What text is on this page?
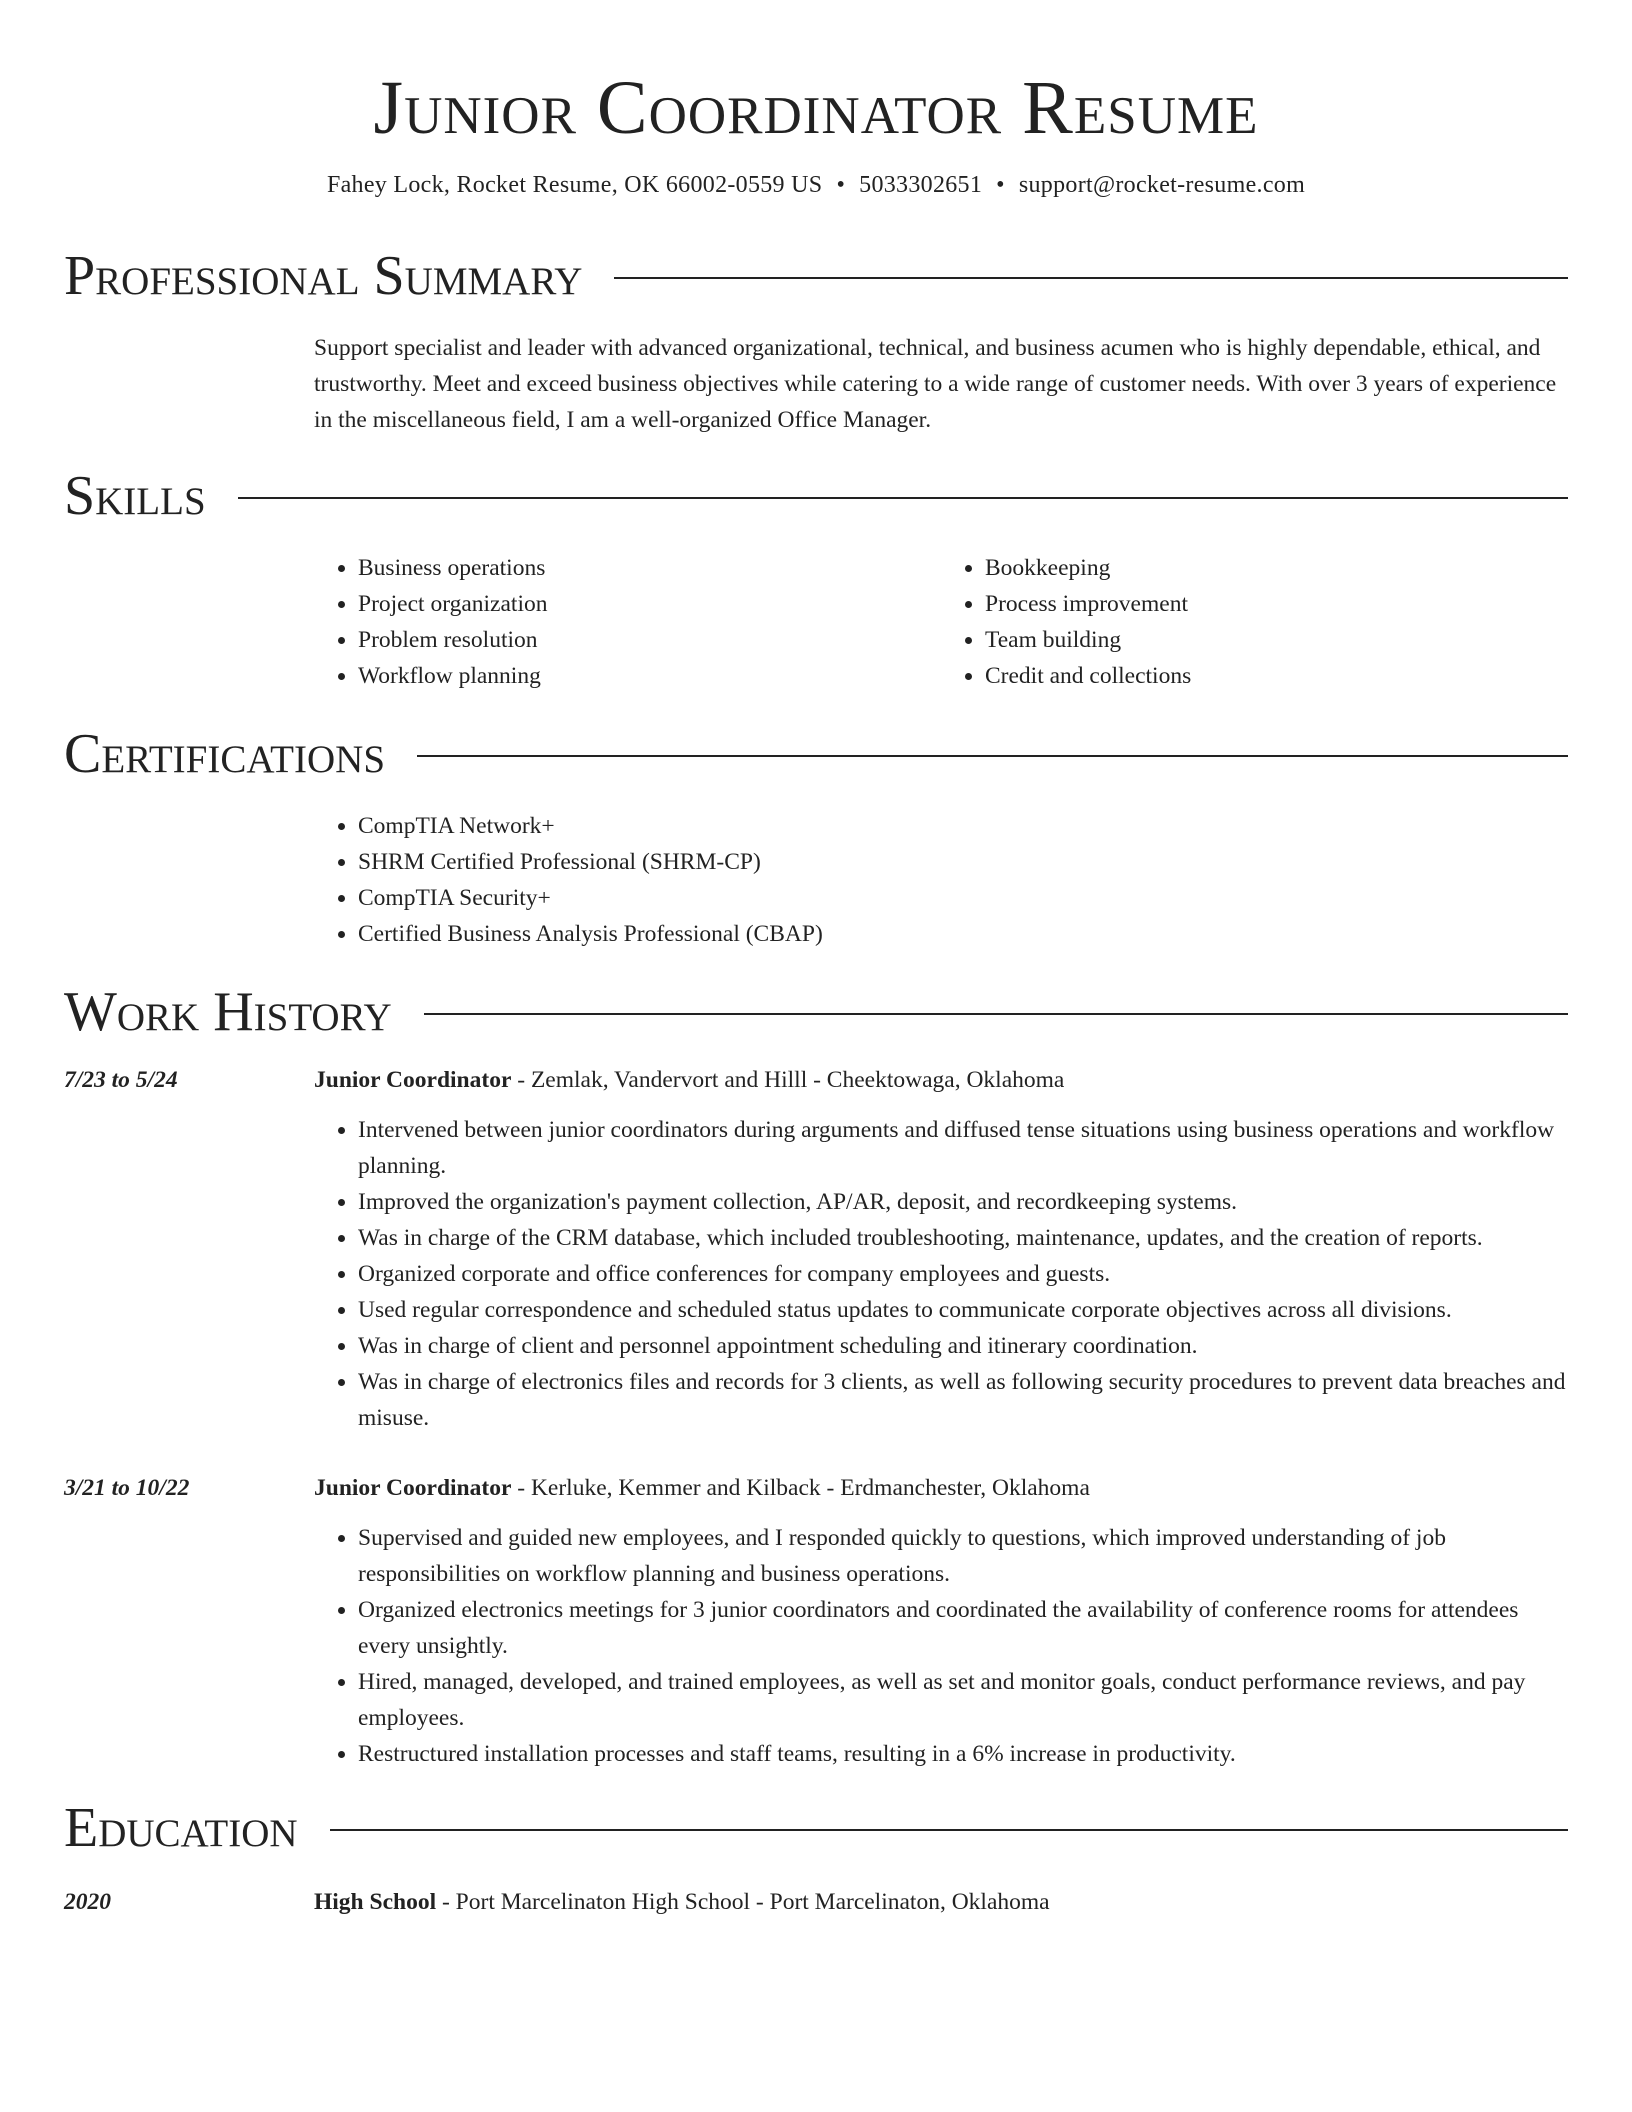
Junior Coordinator Resume
Fahey Lock, Rocket Resume, OK 66002-0559 US • 5033302651 • support@rocket-resume.com
Professional Summary
Support specialist and leader with advanced organizational, technical, and business acumen who is highly dependable, ethical, and trustworthy. Meet and exceed business objectives while catering to a wide range of customer needs. With over 3 years of experience in the miscellaneous field, I am a well-organized Office Manager.
Skills
• Business operations
• Project organization
• Problem resolution
• Workflow planning
• Bookkeeping
• Process improvement
• Team building
• Credit and collections
Certifications
• CompTIA Network+
• SHRM Certified Professional (SHRM-CP)
• CompTIA Security+
• Certified Business Analysis Professional (CBAP)
Work History
7/23 to 5/24	Junior Coordinator - Zemlak, Vandervort and Hilll - Cheektowaga, Oklahoma
• Intervened between junior coordinators during arguments and diffused tense situations using business operations and workflow planning.
• Improved the organization's payment collection, AP/AR, deposit, and recordkeeping systems.
• Was in charge of the CRM database, which included troubleshooting, maintenance, updates, and the creation of reports.
• Organized corporate and office conferences for company employees and guests.
• Used regular correspondence and scheduled status updates to communicate corporate objectives across all divisions.
• Was in charge of client and personnel appointment scheduling and itinerary coordination.
• Was in charge of electronics files and records for 3 clients, as well as following security procedures to prevent data breaches and misuse.
3/21 to 10/22	Junior Coordinator - Kerluke, Kemmer and Kilback - Erdmanchester, Oklahoma
• Supervised and guided new employees, and I responded quickly to questions, which improved understanding of job responsibilities on workflow planning and business operations.
• Organized electronics meetings for 3 junior coordinators and coordinated the availability of conference rooms for attendees every unsightly.
• Hired, managed, developed, and trained employees, as well as set and monitor goals, conduct performance reviews, and pay employees.
• Restructured installation processes and staff teams, resulting in a 6% increase in productivity.
Education
2020	High School - Port Marcelinaton High School - Port Marcelinaton, Oklahoma
